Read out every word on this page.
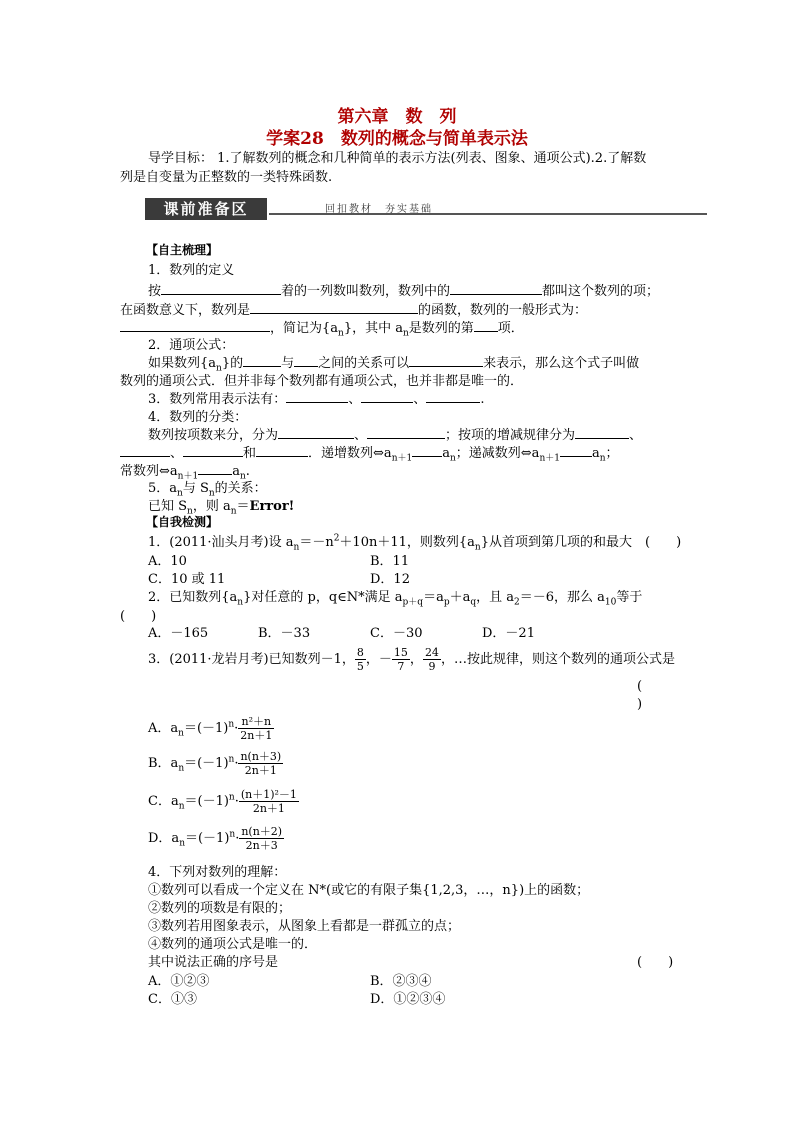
第六章　数　列
学案28　数列的概念与简单表示法
导学目标： 1.了解数列的概念和几种简单的表示方法(列表、图象、通项公式).2.了解数
列是自变量为正整数的一类特殊函数.
课前准备区	回扣教材　夯实基础
【自主梳理】
1．数列的定义
按	着的一列数叫数列，数列中的	都叫这个数列的项；
在函数意义下，数列是	的函数，数列的一般形式为：
，简记为$\{a_n\}$，其中 $a_n$是数列的第 项．
2．通项公式：
如果数列$\{a_n\}$的	与 之间的关系可以	来表示，那么这个式子叫做
数列的通项公式．但并非每个数列都有通项公式，也并非都是唯一的．
3．数列常用表示法有：	、	、	.
4．数列的分类：
数列按项数来分，分为	、	；按项的增减规律分为	、
、	和	．递增数列$\Leftrightarrow a_{n+1}$ $a_n$；递减数列$\Leftrightarrow a_{n+1}$ $a_n$；
常数列$\Leftrightarrow a_{n+1}$	$a_n$.
5．$a_n$与 $S_n$的关系：
已知 $S_n$，则 $a_n=Error$!
【自我检测】
1．(2011·汕头月考)设 $a_n=-n^2+10n+11$，则数列$\{a_n\}$从首项到第几项的和最大 (　　)
A．10	B．11
C．10 或 11	D．12
2．已知数列$\{a_n\}$对任意的 p，q∈N*满足 $a_{p+q}=a_p+a_q$，且 $a_2=-6$，那么 $a_{10}$等于
(　　)
A．－165	B．－33	C．－30	D．－21
3．(2011·龙岩月考)已知数列－1， $\frac{8}{5}$ ，－ $\frac{15}{7}$ ， $\frac{24}{9}$ ，…按此规律，则这个数列的通项公式是
(
)
A．$a_n=(-1)^n\cdot \frac{\text{n²＋n}}{2n+1}$
B．$a_n=(-1)^n\cdot \frac{n(n+3)}{2n+1}$
C．$a_n=(-1)^n\cdot \frac{\text{(n＋1)²－1}}{2n+1}$
D．$a_n=(-1)^n\cdot \frac{n(n+2)}{2n+3}$
4．下列对数列的理解：
①数列可以看成一个定义在 N*(或它的有限子集{1,2,3，…，n})上的函数；
②数列的项数是有限的；
③数列若用图象表示，从图象上看都是一群孤立的点；
④数列的通项公式是唯一的．
其中说法正确的序号是	(　　)
A．①②③	B．②③④
C．①③	D．①②③④
